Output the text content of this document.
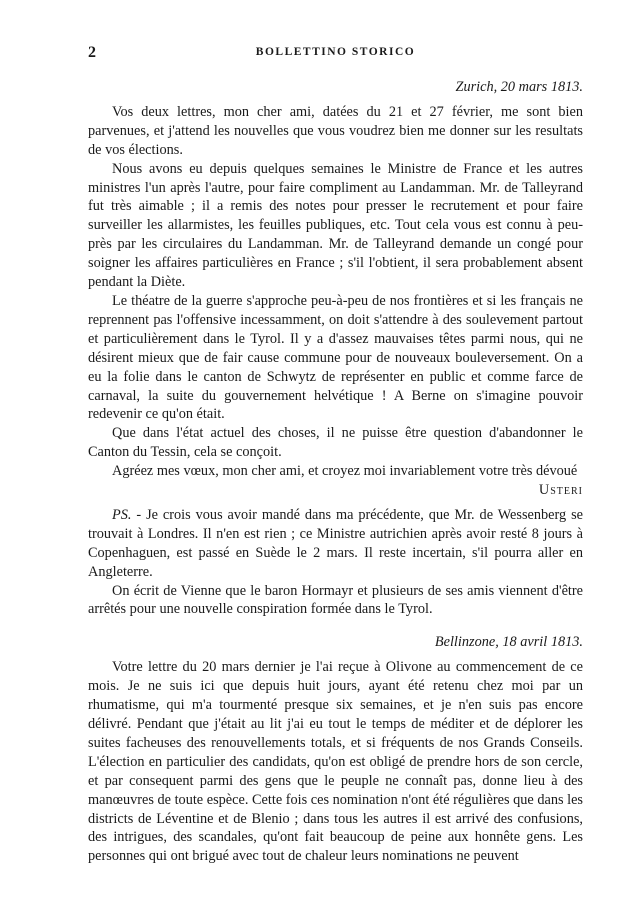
2	BOLLETTINO STORICO

Zurich, 20 mars 1813.

Vos deux lettres, mon cher ami, datées du 21 et 27 février, me sont bien parvenues, et j'attend les nouvelles que vous voudrez bien me donner sur les resultats de vos élections.

Nous avons eu depuis quelques semaines le Ministre de France et les autres ministres l'un après l'autre, pour faire compliment au Landamman. Mr. de Talleyrand fut très aimable ; il a remis des notes pour presser le recrutement et pour faire surveiller les allarmistes, les feuilles publiques, etc. Tout cela vous est connu à peu-près par les circulaires du Landamman. Mr. de Talleyrand demande un congé pour soigner les affaires particulières en France ; s'il l'obtient, il sera probablement absent pendant la Diète.

Le théatre de la guerre s'approche peu-à-peu de nos frontières et si les français ne reprennent pas l'offensive incessamment, on doit s'attendre à des soulevement partout et particulièrement dans le Tyrol. Il y a d'assez mauvaises têtes parmi nous, qui ne désirent mieux que de fair cause commune pour de nouveaux bouleversement. On a eu la folie dans le canton de Schwytz de représenter en public et comme farce de carnaval, la suite du gouvernement helvétique ! A Berne on s'imagine pouvoir redevenir ce qu'on était.

Que dans l'état actuel des choses, il ne puisse être question d'abandonner le Canton du Tessin, cela se conçoit.

Agréez mes vœux, mon cher ami, et croyez moi invariablement votre très dévoué

Usteri

PS. - Je crois vous avoir mandé dans ma précédente, que Mr. de Wessenberg se trouvait à Londres. Il n'en est rien ; ce Ministre autrichien après avoir resté 8 jours à Copenhaguen, est passé en Suède le 2 mars. Il reste incertain, s'il pourra aller en Angleterre.

On écrit de Vienne que le baron Hormayr et plusieurs de ses amis viennent d'être arrêtés pour une nouvelle conspiration formée dans le Tyrol.

Bellinzone, 18 avril 1813.

Votre lettre du 20 mars dernier je l'ai reçue à Olivone au commencement de ce mois. Je ne suis ici que depuis huit jours, ayant été retenu chez moi par un rhumatisme, qui m'a tourmenté presque six semaines, et je n'en suis pas encore délivré. Pendant que j'était au lit j'ai eu tout le temps de méditer et de déplorer les suites facheuses des renouvellements totals, et si fréquents de nos Grands Conseils. L'élection en particulier des candidats, qu'on est obligé de prendre hors de son cercle, et par consequent parmi des gens que le peuple ne connaît pas, donne lieu à des manœuvres de toute espèce. Cette fois ces nomination n'ont été régulières que dans les districts de Léventine et de Blenio ; dans tous les autres il est arrivé des confusions, des intrigues, des scandales, qu'ont fait beaucoup de peine aux honnête gens. Les personnes qui ont brigué avec tout de chaleur leurs nominations ne peuvent
